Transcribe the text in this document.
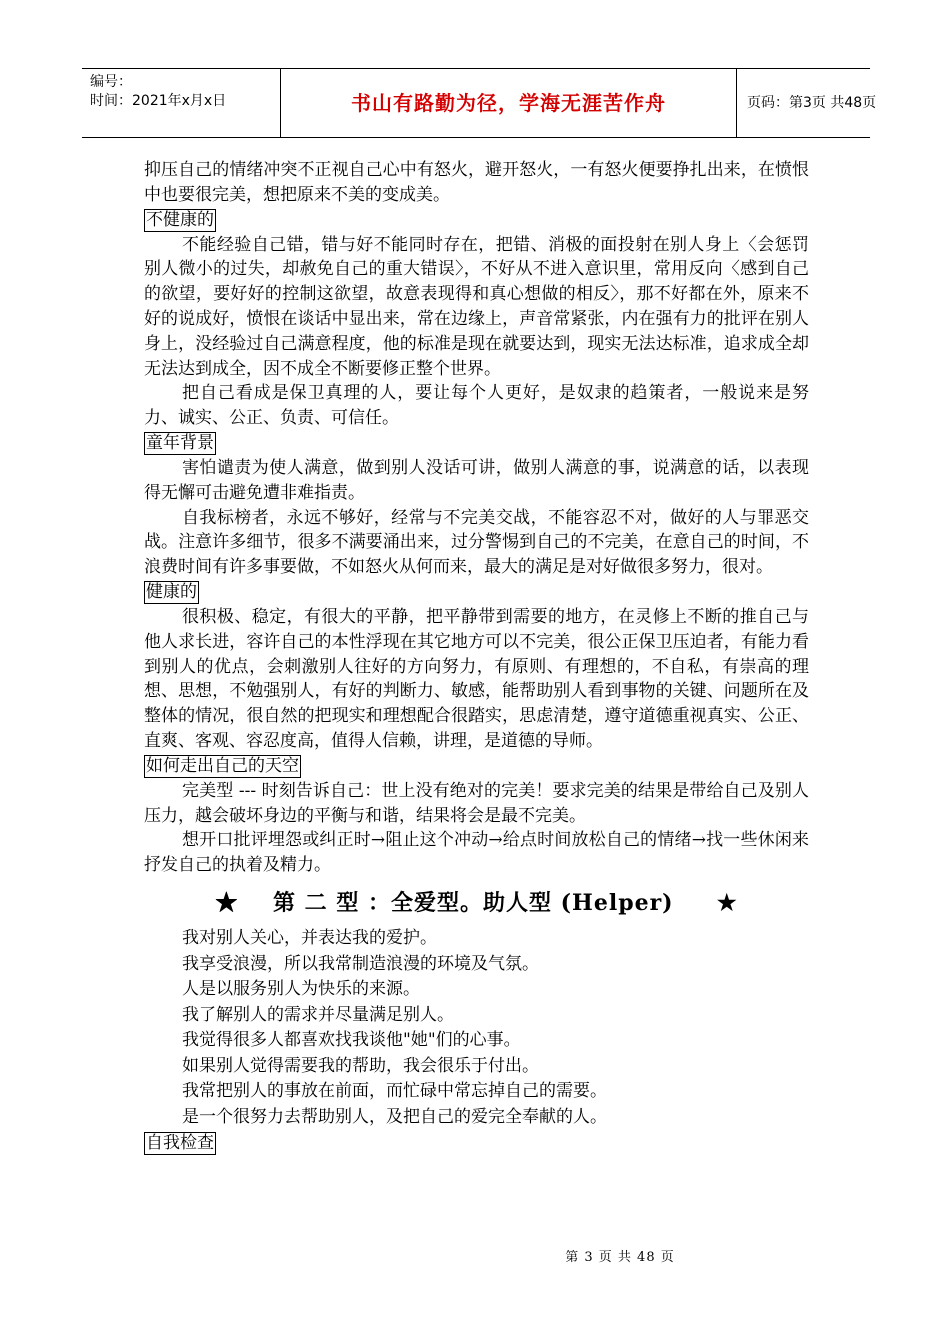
编号：
时间：2021年x月x日	书山有路勤为径，学海无涯苦作舟	页码：第3页 共48页

抑压自己的情绪冲突不正视自己心中有怒火，避开怒火，一有怒火便要挣扎出来，在愤恨中也要很完美，想把原来不美的变成美。

不健康的

不能经验自己错，错与好不能同时存在，把错、消极的面投射在别人身上〈会惩罚别人微小的过失，却赦免自己的重大错误〉，不好从不进入意识里，常用反向〈感到自己的欲望，要好好的控制这欲望，故意表现得和真心想做的相反〉，那不好都在外，原来不好的说成好，愤恨在谈话中显出来，常在边缘上，声音常紧张，内在强有力的批评在别人身上，没经验过自己满意程度，他的标准是现在就要达到，现实无法达标准，追求成全却无法达到成全，因不成全不断要修正整个世界。

把自己看成是保卫真理的人，要让每个人更好，是奴隶的趋策者，一般说来是努力、诚实、公正、负责、可信任。

童年背景

害怕谴责为使人满意，做到别人没话可讲，做别人满意的事，说满意的话，以表现得无懈可击避免遭非难指责。

自我标榜者，永远不够好，经常与不完美交战，不能容忍不对，做好的人与罪恶交战。注意许多细节，很多不满要涌出来，过分警惕到自己的不完美，在意自己的时间，不浪费时间有许多事要做，不如怒火从何而来，最大的满足是对好做很多努力，很对。

健康的

很积极、稳定，有很大的平静，把平静带到需要的地方，在灵修上不断的推自己与他人求长进，容许自己的本性浮现在其它地方可以不完美，很公正保卫压迫者，有能力看到别人的优点，会刺激别人往好的方向努力，有原则、有理想的，不自私，有崇高的理想、思想，不勉强别人，有好的判断力、敏感，能帮助别人看到事物的关键、问题所在及整体的情况，很自然的把现实和理想配合很踏实，思虑清楚，遵守道德重视真实、公正、直爽、客观、容忍度高，值得人信赖，讲理，是道德的导师。

如何走出自己的天空

完美型 --- 时刻告诉自己：世上没有绝对的完美！要求完美的结果是带给自己及别人压力，越会破坏身边的平衡与和谐，结果将会是最不完美。

想开口批评埋怨或纠正时→阻止这个冲动→给点时间放松自己的情绪→找一些休闲来抒发自己的执着及精力。

★ 第 二 型 ：全爱型。助人型 (Helper) ★
我对别人关心，并表达我的爱护。
我享受浪漫，所以我常制造浪漫的环境及气氛。
人是以服务别人为快乐的来源。
我了解别人的需求并尽量满足别人。
我觉得很多人都喜欢找我谈他"她"们的心事。
如果别人觉得需要我的帮助，我会很乐于付出。
我常把别人的事放在前面，而忙碌中常忘掉自己的需要。
是一个很努力去帮助别人，及把自己的爱完全奉献的人。
自我检查
第 3 页 共 48 页
